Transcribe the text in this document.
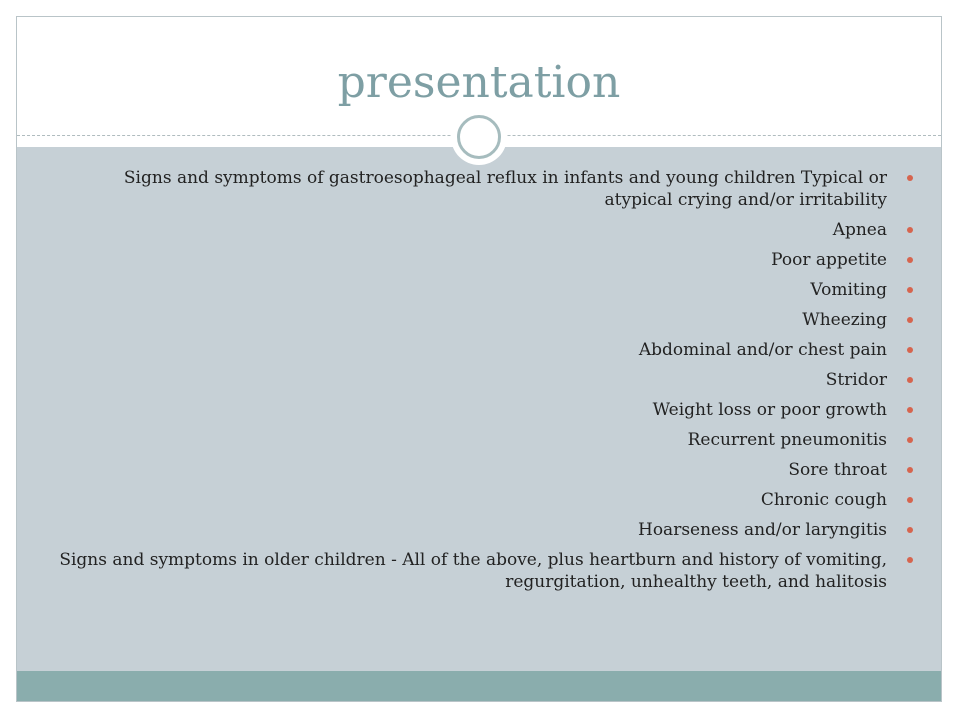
presentation
Signs and symptoms of gastroesophageal reflux in infants and young children Typical or atypical crying and/or irritability
Apnea
Poor appetite
Vomiting
Wheezing
Abdominal and/or chest pain
Stridor
Weight loss or poor growth
Recurrent pneumonitis
Sore throat
Chronic cough
Hoarseness and/or laryngitis
Signs and symptoms in older children - All of the above, plus heartburn and history of vomiting, regurgitation, unhealthy teeth, and halitosis
